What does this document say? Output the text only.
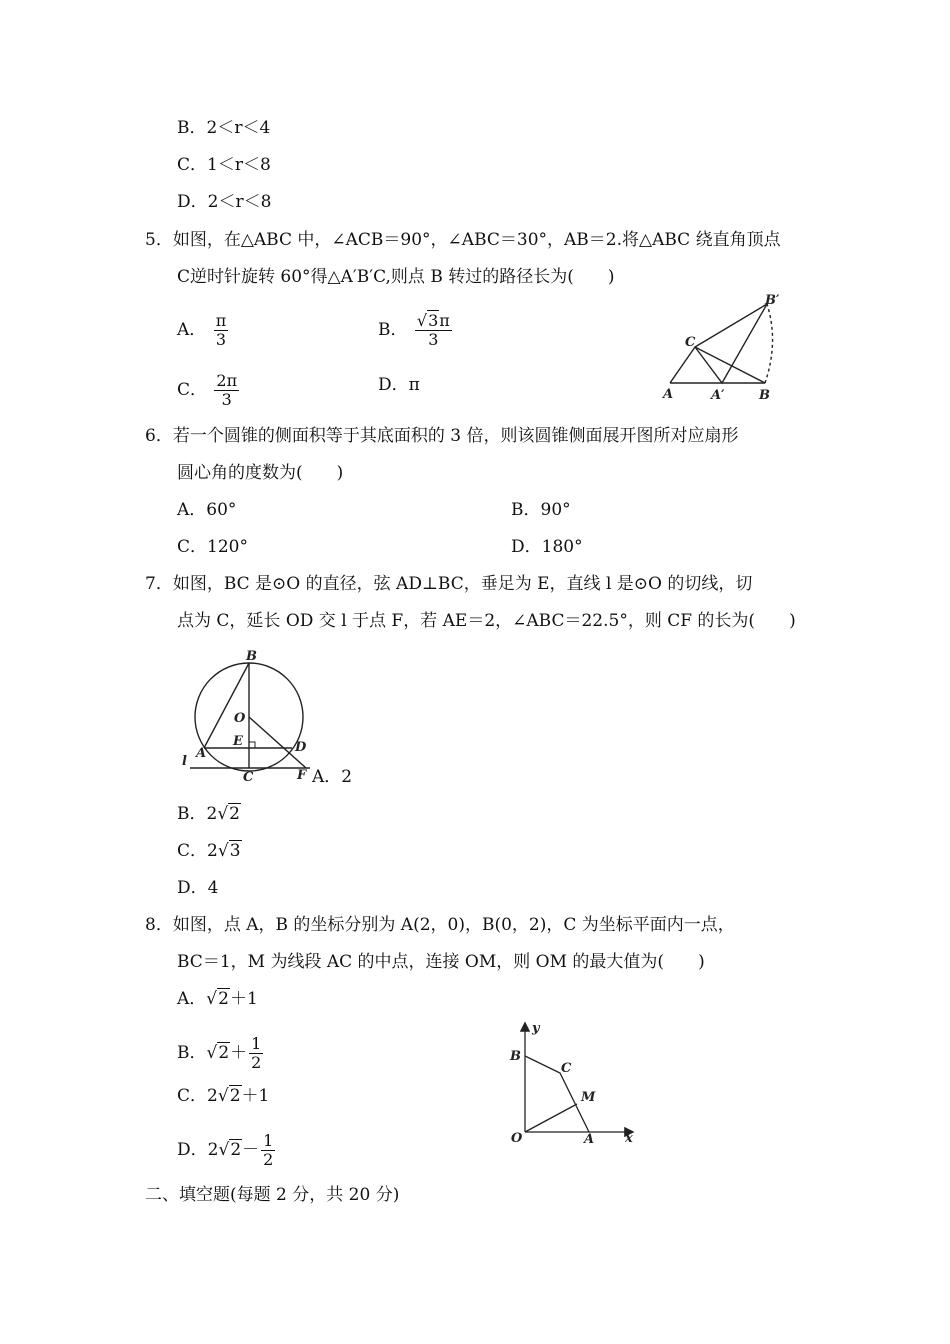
B．2＜r＜4
C．1＜r＜8
D．2＜r＜8
5．如图，在△ABC 中，∠ACB＝90°，∠ABC＝30°，AB＝2.将△ABC 绕直角顶点
C逆时针旋转 60°得△A′B′C,则点 B 转过的路径长为(　　)
A． $\frac{\pi}{3}$	B． $\frac{√3\pi}{3}$
C． $\frac{2\pi}{3}$	D．π
C
A	A′	B
B′
6．若一个圆锥的侧面积等于其底面积的 3 倍，则该圆锥侧面展开图所对应扇形
圆心角的度数为(　　)
A．60°	B．90°
C．120°	D．180°
7．如图，BC 是⊙O 的直径，弦 AD⊥BC，垂足为 E，直线 l 是⊙O 的切线，切
点为 C，延长 OD 交 l 于点 F，若 AE＝2，∠ABC＝22.5°，则 CF 的长为(　　)
B
O
E
A	D
l
C	F A．2
B．2√2
C．2√3
D．4
8．如图，点 A，B 的坐标分别为 A(2，0)，B(0，2)，C 为坐标平面内一点，
BC＝1，M 为线段 AC 的中点，连接 OM，则 OM 的最大值为(　　)
A．√2＋1
B．$√2+ \frac{1}{2}$
C．2√2＋1
D．$2√2- \frac{1}{2}$
y
B
C
M
O	A x
二、填空题(每题 2 分，共 20 分)
